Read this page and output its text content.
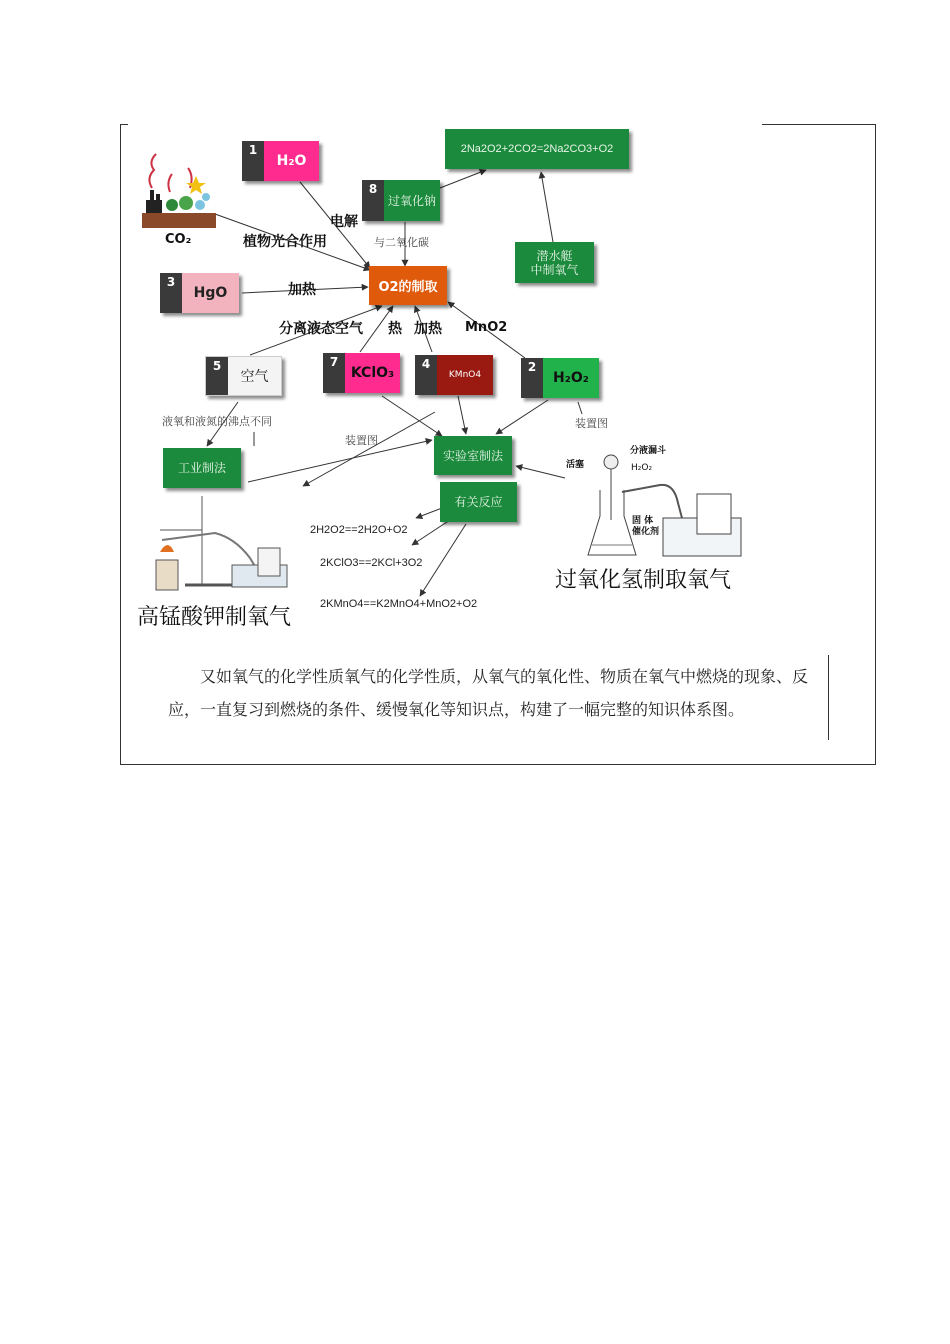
1
H₂O
8
过氧化钠
2Na2O2+2CO2=2Na2CO3+O2
潜水艇
中制氧气
3
HgO	O2的制取
5
空气
7
KClO₃
4
KMnO4
2
H₂O₂
工业制法
实验室制法
有关反应
CO₂
电解
植物光合作用	与二氧化碳
加热
分离液态空气 热 加热 MnO2
液氧和液氮的沸点不同
装置图
装置图
分液漏斗
活塞	H₂O₂
固 体
催化剂
2H2O2==2H2O+O2
2KClO3==2KCl+3O2
2KMnO4==K2MnO4+MnO2+O2
高锰酸钾制氧气
过氧化氢制取氧气
又如氧气的化学性质氧气的化学性质，从氧气的氧化性、物质在氧气中燃烧的现象、反应，一直复习到燃烧的条件、缓慢氧化等知识点，构建了一幅完整的知识体系图。
